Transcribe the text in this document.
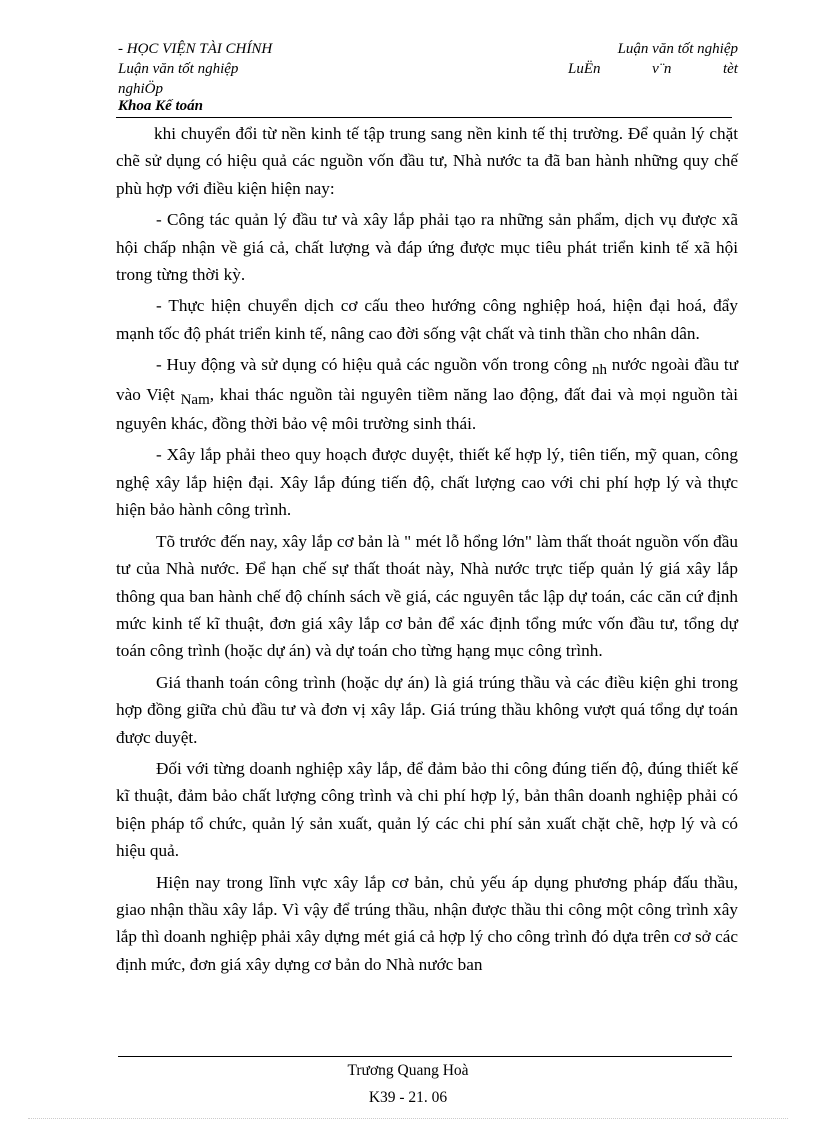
- HỌC VIỆN TÀI CHÍNH
Luận văn tốt nghiệp
nghiÖp
Luận văn tốt nghiệp
LuËn	v¨n	tèt
Khoa Kế toán

khi chuyển đổi từ nền kinh tế tập trung sang nền kinh tế thị trường. Để quản lý chặt chẽ sử dụng có hiệu quả các nguồn vốn đầu tư, Nhà nước ta đã ban hành những quy chế phù hợp với điều kiện hiện nay:

- Công tác quản lý đầu tư và xây lắp phải tạo ra những sản phẩm, dịch vụ được xã hội chấp nhận về giá cả, chất lượng và đáp ứng được mục tiêu phát triển kinh tế xã hội trong từng thời kỳ.

- Thực hiện chuyển dịch cơ cấu theo hướng công nghiệp hoá, hiện đại hoá, đẩy mạnh tốc độ phát triển kinh tế, nâng cao đời sống vật chất và tinh thần cho nhân dân.

- Huy động và sử dụng có hiệu quả các nguồn vốn trong công nh nước ngoài đầu tư vào Việt Nam, khai thác nguồn tài nguyên tiềm năng lao động, đất đai và mọi nguồn tài nguyên khác, đồng thời bảo vệ môi trường sinh thái.

- Xây lắp phải theo quy hoạch được duyệt, thiết kế hợp lý, tiên tiến, mỹ quan, công nghệ xây lắp hiện đại. Xây lắp đúng tiến độ, chất lượng cao với chi phí hợp lý và thực hiện bảo hành công trình.

Tõ trước đến nay, xây lắp cơ bản là " mét lỗ hổng lớn" làm thất thoát nguồn vốn đầu tư của Nhà nước. Để hạn chế sự thất thoát này, Nhà nước trực tiếp quản lý giá xây lắp thông qua ban hành chế độ chính sách về giá, các nguyên tắc lập dự toán, các căn cứ định mức kinh tế kĩ thuật, đơn giá xây lắp cơ bản để xác định tổng mức vốn đầu tư, tổng dự toán công trình (hoặc dự án) và dự toán cho từng hạng mục công trình.

Giá thanh toán công trình (hoặc dự án) là giá trúng thầu và các điều kiện ghi trong hợp đồng giữa chủ đầu tư và đơn vị xây lắp. Giá trúng thầu không vượt quá tổng dự toán được duyệt.

Đối với từng doanh nghiệp xây lắp, để đảm bảo thi công đúng tiến độ, đúng thiết kế kĩ thuật, đảm bảo chất lượng công trình và chi phí hợp lý, bản thân doanh nghiệp phải có biện pháp tổ chức, quản lý sản xuất, quản lý các chi phí sản xuất chặt chẽ, hợp lý và có hiệu quả.

Hiện nay trong lĩnh vực xây lắp cơ bản, chủ yếu áp dụng phương pháp đấu thầu, giao nhận thầu xây lắp. Vì vậy để trúng thầu, nhận được thầu thi công một công trình xây lắp thì doanh nghiệp phải xây dựng mét giá cả hợp lý cho công trình đó dựa trên cơ sở các định mức, đơn giá xây dựng cơ bản do Nhà nước ban

Trương Quang Hoà
K39 - 21. 06
